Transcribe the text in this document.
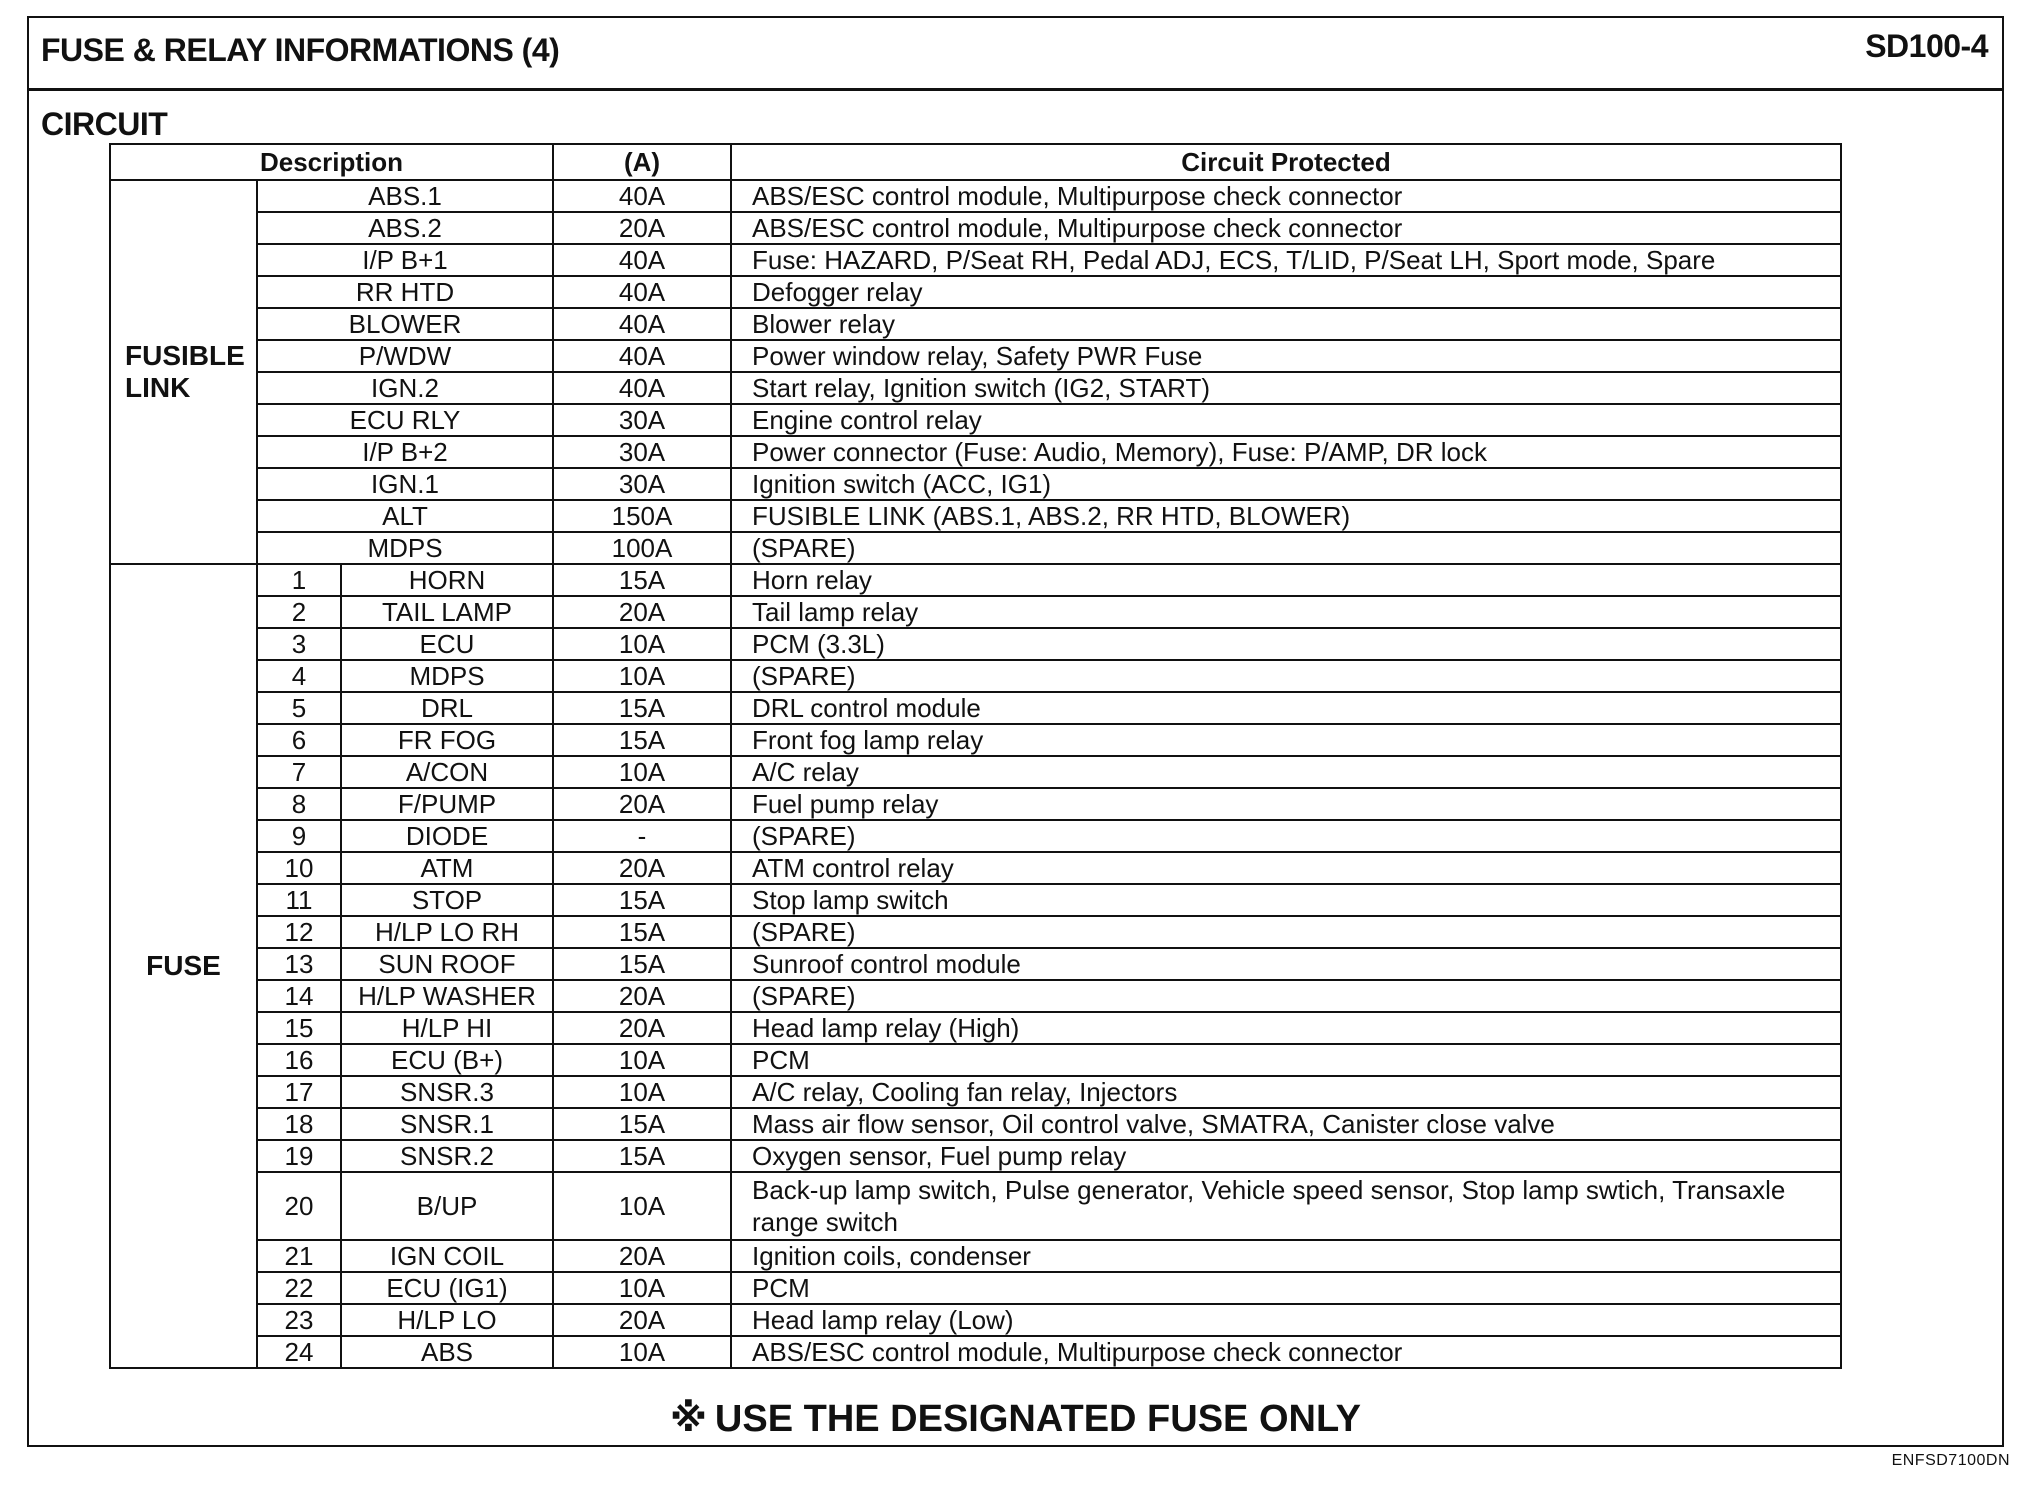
FUSE & RELAY INFORMATIONS (4)	SD100-4
CIRCUIT
Description			(A)	Circuit Protected
FUSIBLE LINK	ABS.1		40A	ABS/ESC control module, Multipurpose check connector
	ABS.2		20A	ABS/ESC control module, Multipurpose check connector
	I/P B+1		40A	Fuse: HAZARD, P/Seat RH, Pedal ADJ, ECS, T/LID, P/Seat LH, Sport mode, Spare
	RR HTD		40A	Defogger relay
	BLOWER		40A	Blower relay
	P/WDW		40A	Power window relay, Safety PWR Fuse
	IGN.2		40A	Start relay, Ignition switch (IG2, START)
	ECU RLY		30A	Engine control relay
	I/P B+2		30A	Power connector (Fuse: Audio, Memory), Fuse: P/AMP, DR lock
	IGN.1		30A	Ignition switch (ACC, IG1)
	ALT		150A	FUSIBLE LINK (ABS.1, ABS.2, RR HTD, BLOWER)
	MDPS		100A	(SPARE)
FUSE	1	HORN	15A	Horn relay
	2	TAIL LAMP	20A	Tail lamp relay
	3	ECU	10A	PCM (3.3L)
	4	MDPS	10A	(SPARE)
	5	DRL	15A	DRL control module
	6	FR FOG	15A	Front fog lamp relay
	7	A/CON	10A	A/C relay
	8	F/PUMP	20A	Fuel pump relay
	9	DIODE	-	(SPARE)
	10	ATM	20A	ATM control relay
	11	STOP	15A	Stop lamp switch
	12	H/LP LO RH	15A	(SPARE)
	13	SUN ROOF	15A	Sunroof control module
	14	H/LP WASHER	20A	(SPARE)
	15	H/LP HI	20A	Head lamp relay (High)
	16	ECU (B+)	10A	PCM
	17	SNSR.3	10A	A/C relay, Cooling fan relay, Injectors
	18	SNSR.1	15A	Mass air flow sensor, Oil control valve, SMATRA, Canister close valve
	19	SNSR.2	15A	Oxygen sensor, Fuel pump relay
	20	B/UP	10A	Back-up lamp switch, Pulse generator, Vehicle speed sensor, Stop lamp swtich, Transaxle range switch
	21	IGN COIL	20A	Ignition coils, condenser
	22	ECU (IG1)	10A	PCM
	23	H/LP LO	20A	Head lamp relay (Low)
	24	ABS	10A	ABS/ESC control module, Multipurpose check connector
※ USE THE DESIGNATED FUSE ONLY
ENFSD7100DN
